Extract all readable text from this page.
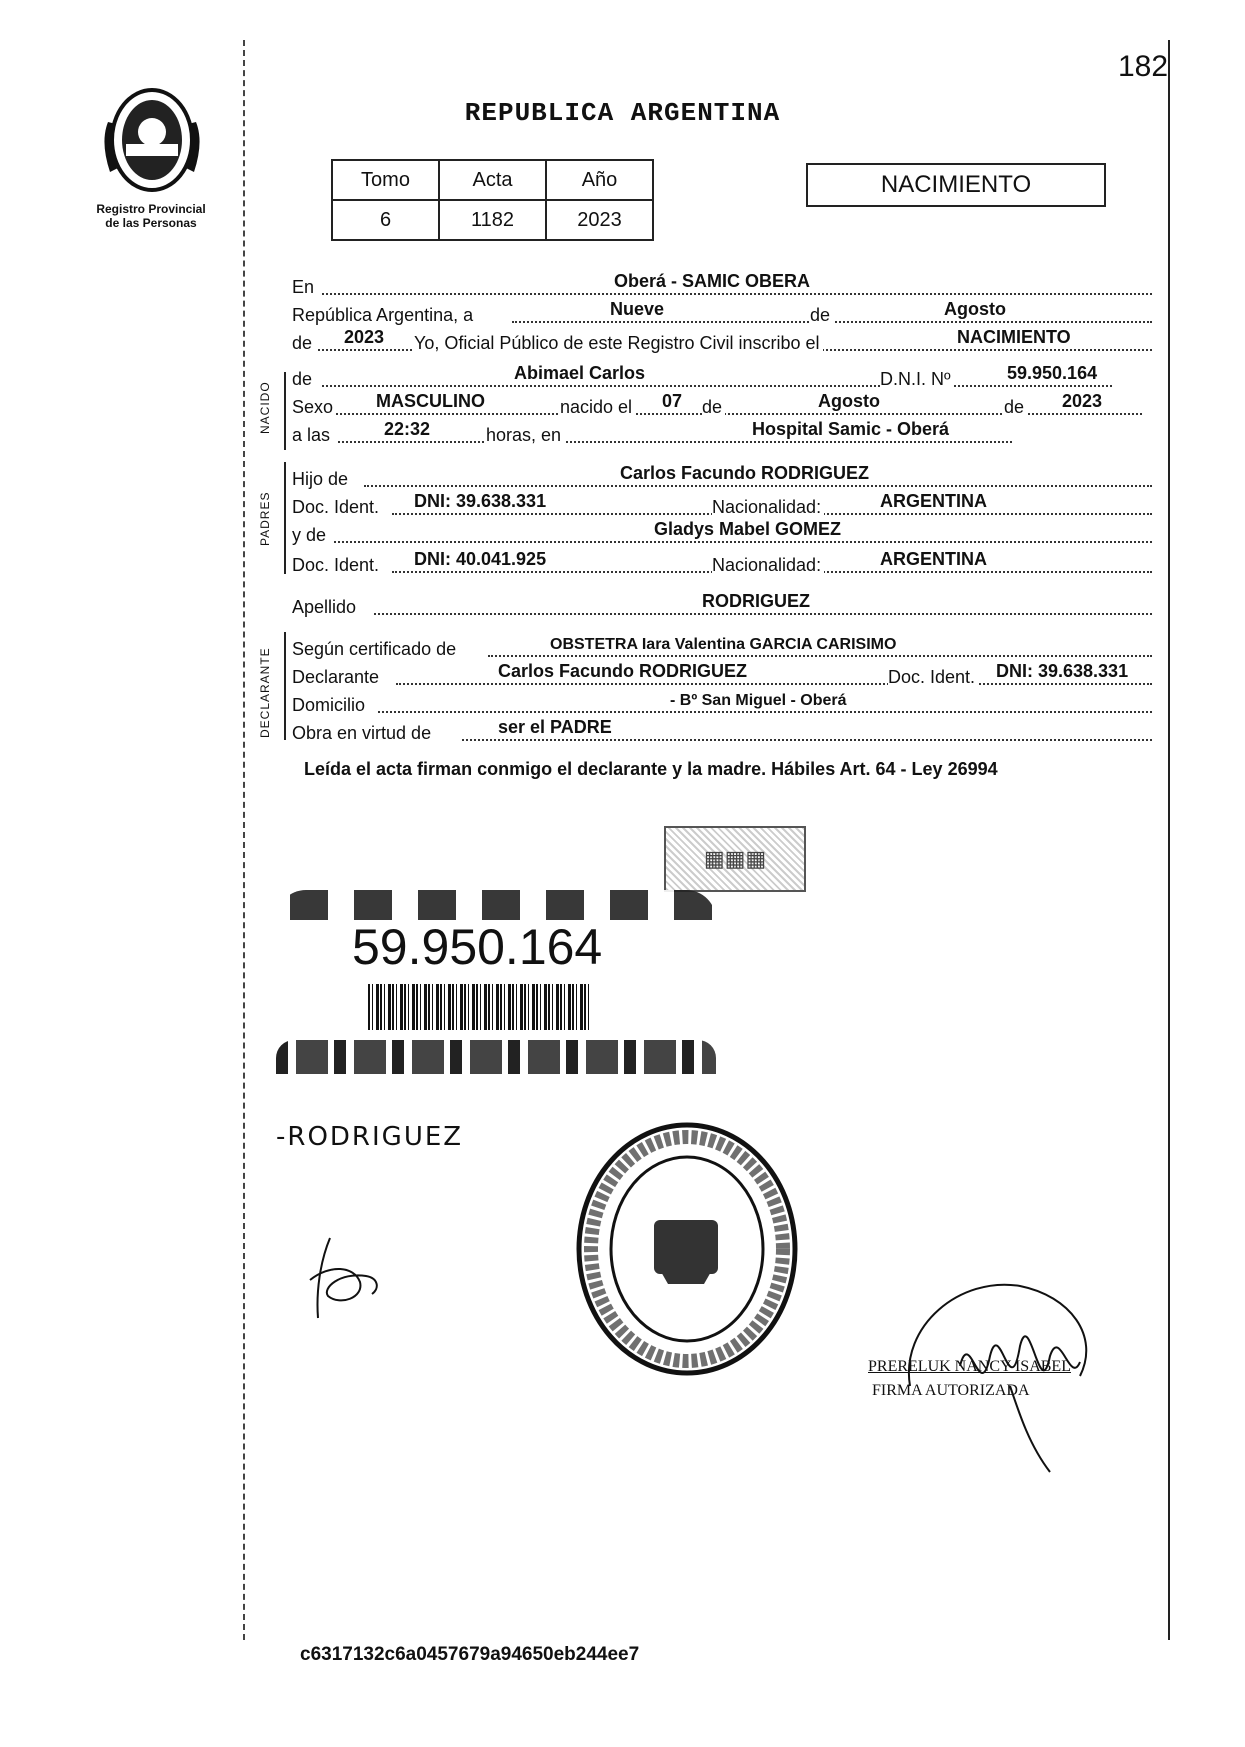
182
REPUBLICA ARGENTINA
Registro Provincial
de las Personas
Tomo	Acta	Año
6	1182	2023
NACIMIENTO
NACIDO
PADRES
DECLARANTE
En	Oberá - SAMIC OBERA
República Argentina, a	Nueve	de	Agosto
de 2023 Yo, Oficial Público de este Registro Civil inscribo el	NACIMIENTO
de	Abimael Carlos	D.N.I. Nº	59.950.164
Sexo MASCULINO	nacido el 07 de	Agosto	de 2023
a las	22:32	horas, en	Hospital Samic - Oberá
Hijo de	Carlos Facundo RODRIGUEZ
Doc. Ident. DNI: 39.638.331	Nacionalidad:	ARGENTINA
y de	Gladys Mabel GOMEZ
Doc. Ident. DNI: 40.041.925	Nacionalidad:	ARGENTINA
Apellido	RODRIGUEZ
Según certificado de	OBSTETRA Iara Valentina GARCIA CARISIMO
Declarante	Carlos Facundo RODRIGUEZ	Doc. Ident. DNI: 39.638.331
Domicilio	- Bº San Miguel - Oberá
Obra en virtud de	ser el PADRE
Leída el acta firman conmigo el declarante y la madre. Hábiles Art. 64 - Ley 26994
▦▦▦
59.950.164
-RODRIGUEZ
PRERELUK NANCY ISABEL
FIRMA AUTORIZADA
c6317132c6a0457679a94650eb244ee7
